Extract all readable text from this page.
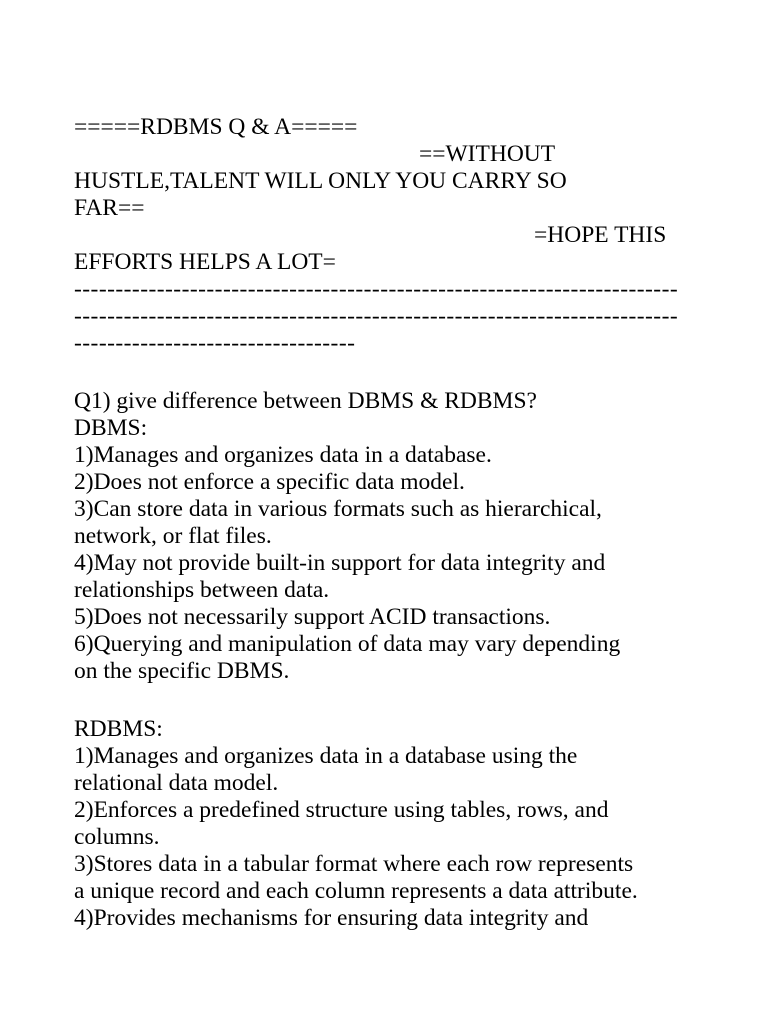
=====RDBMS Q & A=====
==WITHOUT
HUSTLE,TALENT WILL ONLY YOU CARRY SO
FAR==
=HOPE THIS
EFFORTS HELPS A LOT=
-------------------------------------------------------------------------
-------------------------------------------------------------------------
----------------------------------
Q1) give difference between DBMS & RDBMS?
DBMS:
1)Manages and organizes data in a database.
2)Does not enforce a specific data model.
3)Can store data in various formats such as hierarchical,
network, or flat files.
4)May not provide built-in support for data integrity and
relationships between data.
5)Does not necessarily support ACID transactions.
6)Querying and manipulation of data may vary depending
on the specific DBMS.
RDBMS:
1)Manages and organizes data in a database using the
relational data model.
2)Enforces a predefined structure using tables, rows, and
columns.
3)Stores data in a tabular format where each row represents
a unique record and each column represents a data attribute.
4)Provides mechanisms for ensuring data integrity and
